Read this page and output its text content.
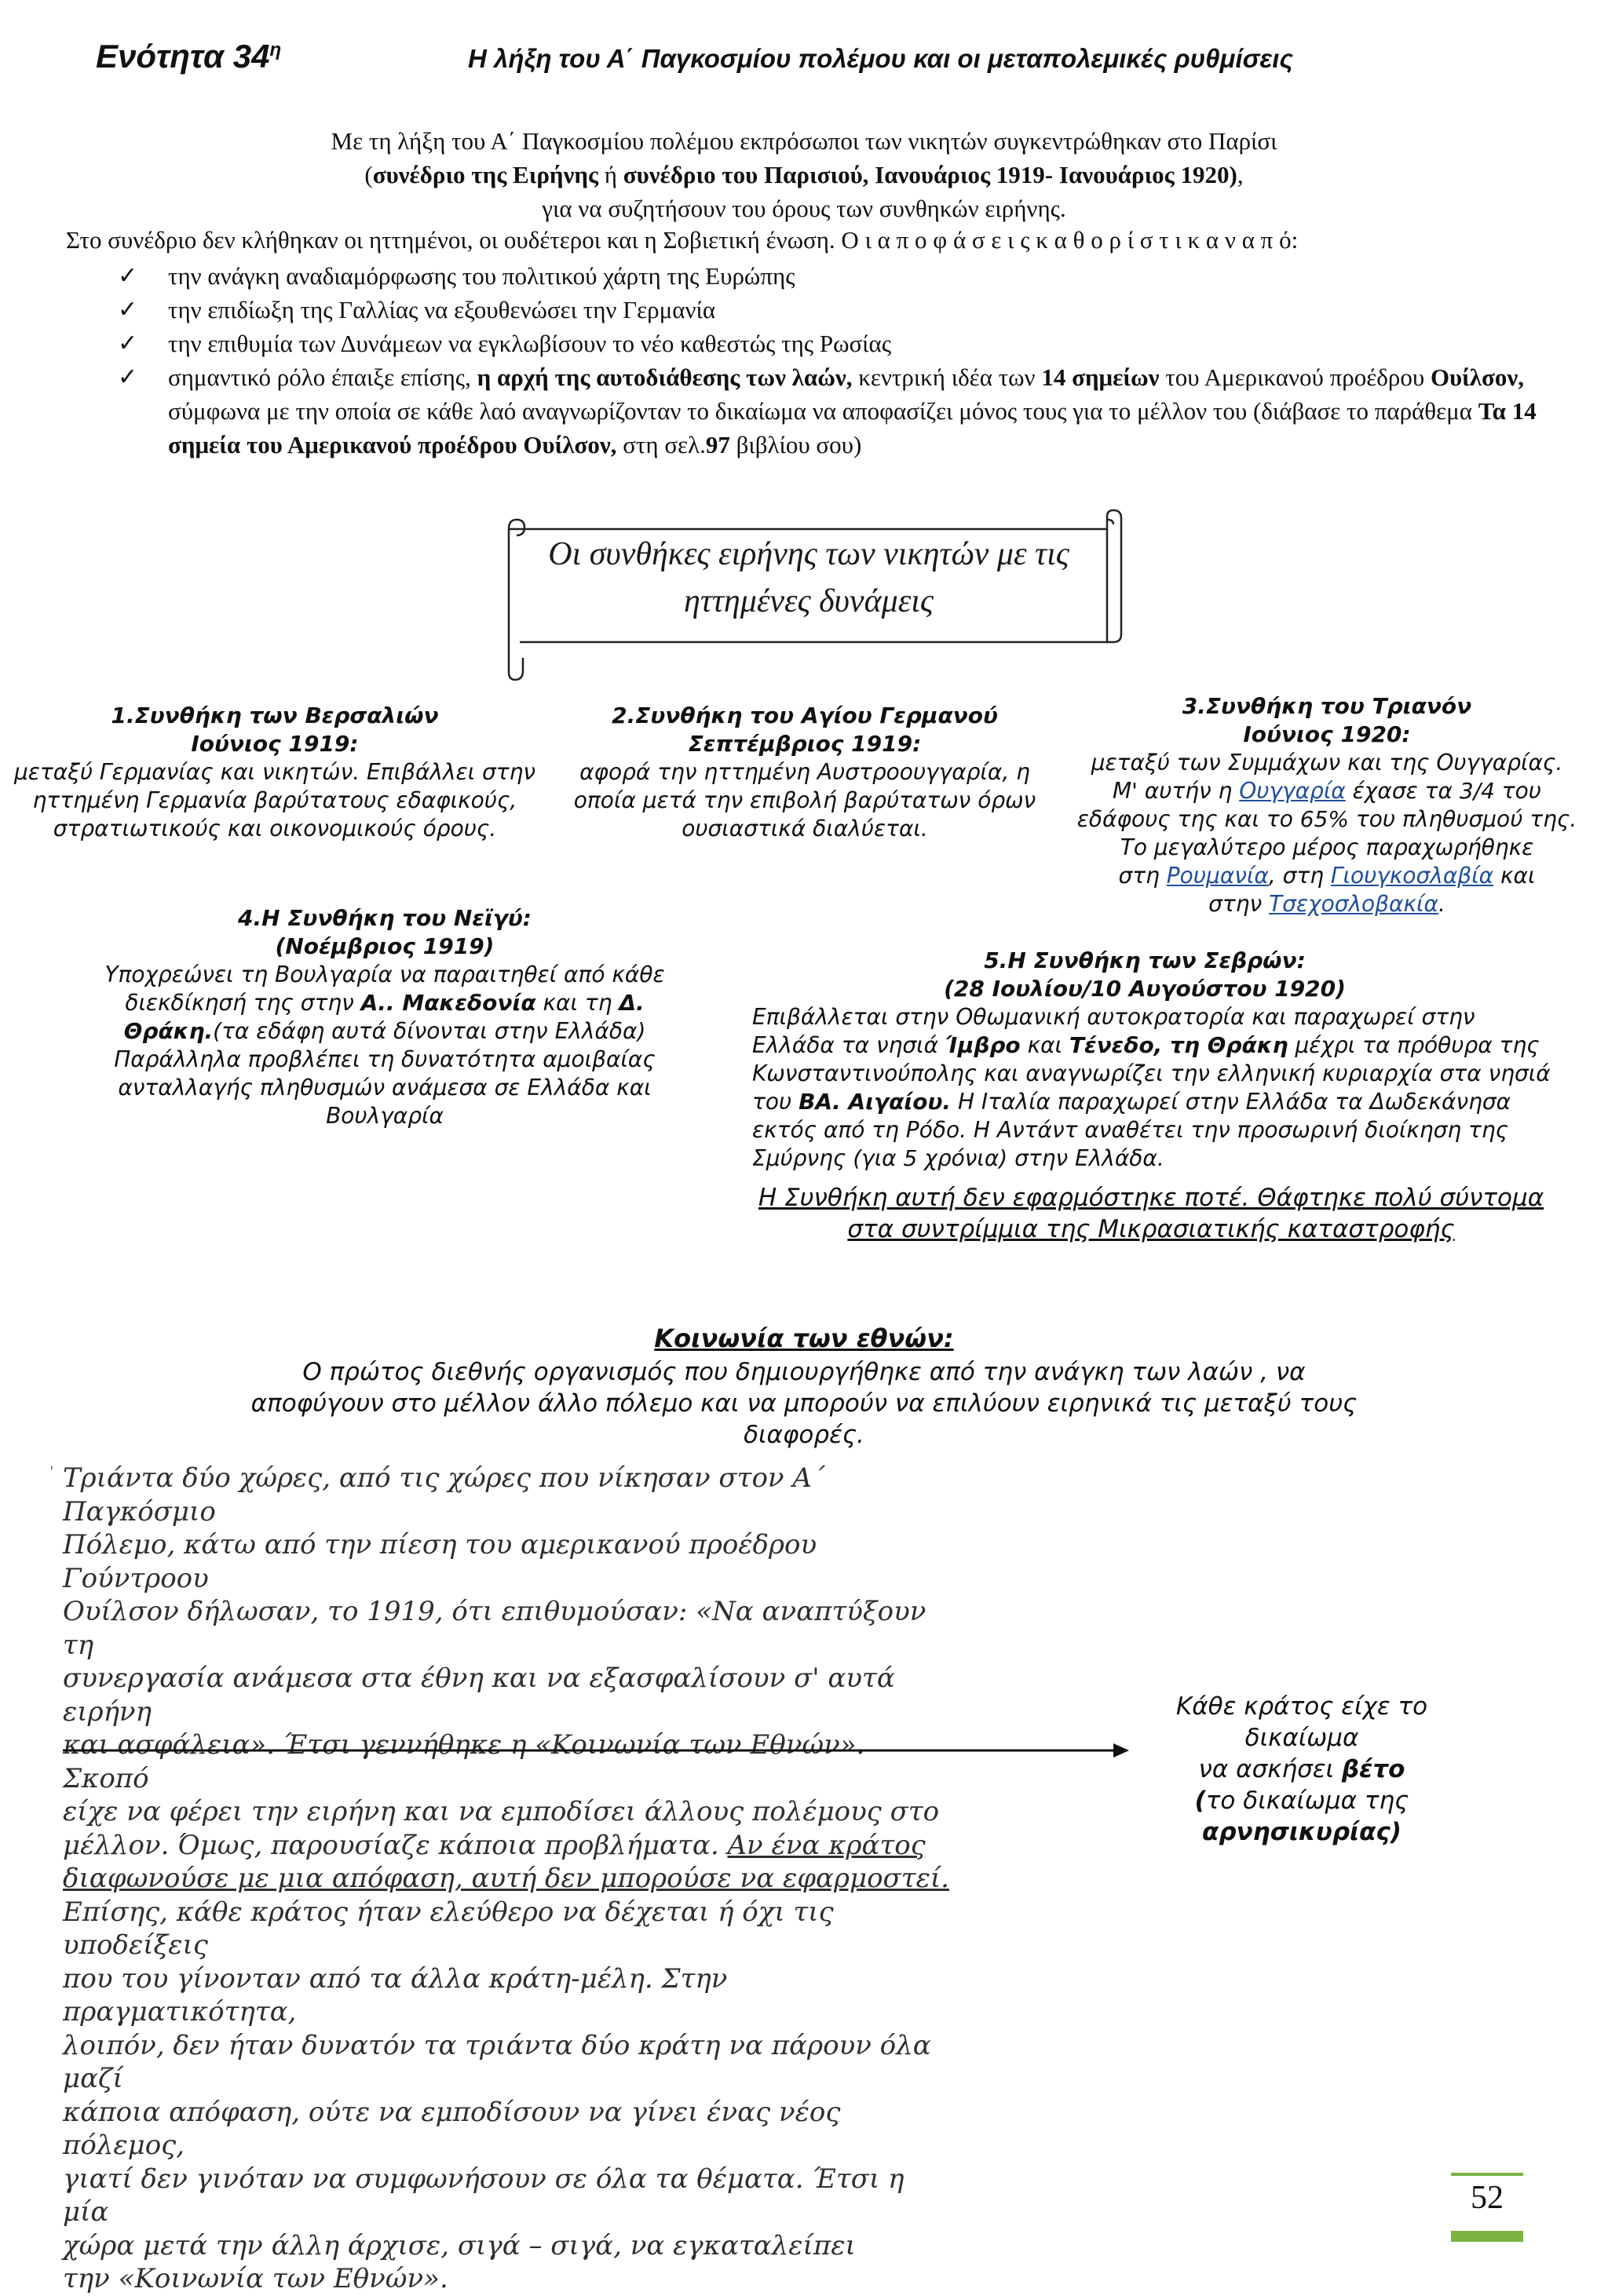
Ενότητα $34^\eta$	Η λήξη του Α΄ Παγκοσμίου πολέμου και οι μεταπολεμικές ρυθμίσεις
Με τη λήξη του Α΄ Παγκοσμίου πολέμου εκπρόσωποι των νικητών συγκεντρώθηκαν στο Παρίσι
(συνέδριο της Ειρήνης ή συνέδριο του Παρισιού, Ιανουάριος 1919- Ιανουάριος 1920),
για να συζητήσουν του όρους των συνθηκών ειρήνης.
Στο συνέδριο δεν κλήθηκαν οι ηττημένοι, οι ουδέτεροι και η Σοβιετική ένωση. Ο ι α π ο φ ά σ ε ι ς κ α θ ο ρ ί σ τ ι κ α ν α π ό:
✓ την ανάγκη αναδιαμόρφωσης του πολιτικού χάρτη της Ευρώπης
✓ την επιδίωξη της Γαλλίας να εξουθενώσει την Γερμανία
✓ την επιθυμία των Δυνάμεων να εγκλωβίσουν το νέο καθεστώς της Ρωσίας
✓ σημαντικό ρόλο έπαιξε επίσης, η αρχή της αυτοδιάθεσης των λαών, κεντρική ιδέα των 14 σημείων του Αμερικανού προέδρου Ουίλσον, σύμφωνα με την οποία σε κάθε λαό αναγνωρίζονταν το δικαίωμα να αποφασίζει μόνος τους για το μέλλον του (διάβασε το παράθεμα Τα 14 σημεία του Αμερικανού προέδρου Ουίλσον, στη σελ.97 βιβλίου σου)
Οι συνθήκες ειρήνης των νικητών με τις
ηττημένες δυνάμεις
1.Συνθήκη των Βερσαλιών
Ιούνιος 1919:
μεταξύ Γερμανίας και νικητών. Επιβάλλει στην
ηττημένη Γερμανία βαρύτατους εδαφικούς,
στρατιωτικούς και οικονομικούς όρους.
2.Συνθήκη του Αγίου Γερμανού
Σεπτέμβριος 1919:
αφορά την ηττημένη Αυστροουγγαρία, η
οποία μετά την επιβολή βαρύτατων όρων
ουσιαστικά διαλύεται.
3.Συνθήκη του Τριανόν
Ιούνιος 1920:
μεταξύ των Συμμάχων και της Ουγγαρίας.
Μ' αυτήν η Ουγγαρία έχασε τα 3/4 του
εδάφους της και το 65% του πληθυσμού της.
Το μεγαλύτερο μέρος παραχωρήθηκε
στη Ρουμανία, στη Γιουγκοσλαβία και
στην Τσεχοσλοβακία.
4.Η Συνθήκη του Νεϊγύ:
(Νοέμβριος 1919)
Υποχρεώνει τη Βουλγαρία να παραιτηθεί από κάθε
διεκδίκησή της στην Α.. Μακεδονία και τη Δ.
Θράκη.(τα εδάφη αυτά δίνονται στην Ελλάδα)
Παράλληλα προβλέπει τη δυνατότητα αμοιβαίας
ανταλλαγής πληθυσμών ανάμεσα σε Ελλάδα και
Βουλγαρία
5.Η Συνθήκη των Σεβρών:
(28 Ιουλίου/10 Αυγούστου 1920)
Επιβάλλεται στην Οθωμανική αυτοκρατορία και παραχωρεί στην
Ελλάδα τα νησιά Ίμβρο και Τένεδο, τη Θράκη μέχρι τα πρόθυρα της
Κωνσταντινούπολης και αναγνωρίζει την ελληνική κυριαρχία στα νησιά
του ΒΑ. Αιγαίου. Η Ιταλία παραχωρεί στην Ελλάδα τα Δωδεκάνησα
εκτός από τη Ρόδο. Η Αντάντ αναθέτει την προσωρινή διοίκηση της
Σμύρνης (για 5 χρόνια) στην Ελλάδα.
Η Συνθήκη αυτή δεν εφαρμόστηκε ποτέ. Θάφτηκε πολύ σύντομα
στα συντρίμμια της Μικρασιατικής καταστροφής
Κοινωνία των εθνών:
Ο πρώτος διεθνής οργανισμός που δημιουργήθηκε από την ανάγκη των λαών , να
αποφύγουν στο μέλλον άλλο πόλεμο και να μπορούν να επιλύουν ειρηνικά τις μεταξύ τους
διαφορές.
' Τριάντα δύο χώρες, από τις χώρες που νίκησαν στον Α΄ Παγκόσμιο
Πόλεμο, κάτω από την πίεση του αμερικανού προέδρου Γούντροου
Ουίλσον δήλωσαν, το 1919, ότι επιθυμούσαν: «Να αναπτύξουν τη
συνεργασία ανάμεσα στα έθνη και να εξασφαλίσουν σ' αυτά ειρήνη
και ασφάλεια». Έτσι γεννήθηκε η «Κοινωνία των Εθνών». Σκοπό
είχε να φέρει την ειρήνη και να εμποδίσει άλλους πολέμους στο
μέλλον. Όμως, παρουσίαζε κάποια προβλήματα. Αν ένα κράτος
διαφωνούσε με μια απόφαση, αυτή δεν μπορούσε να εφαρμοστεί.
Επίσης, κάθε κράτος ήταν ελεύθερο να δέχεται ή όχι τις υποδείξεις
που του γίνονταν από τα άλλα κράτη-μέλη. Στην πραγματικότητα,
λοιπόν, δεν ήταν δυνατόν τα τριάντα δύο κράτη να πάρουν όλα μαζί
κάποια απόφαση, ούτε να εμποδίσουν να γίνει ένας νέος πόλεμος,
γιατί δεν γινόταν να συμφωνήσουν σε όλα τα θέματα. Έτσι η μία
χώρα μετά την άλλη άρχισε, σιγά – σιγά, να εγκαταλείπει
την «Κοινωνία των Εθνών».
Κάθε κράτος είχε το δικαίωμα
να ασκήσει βέτο
(το δικαίωμα της
αρνησικυρίας)
52
